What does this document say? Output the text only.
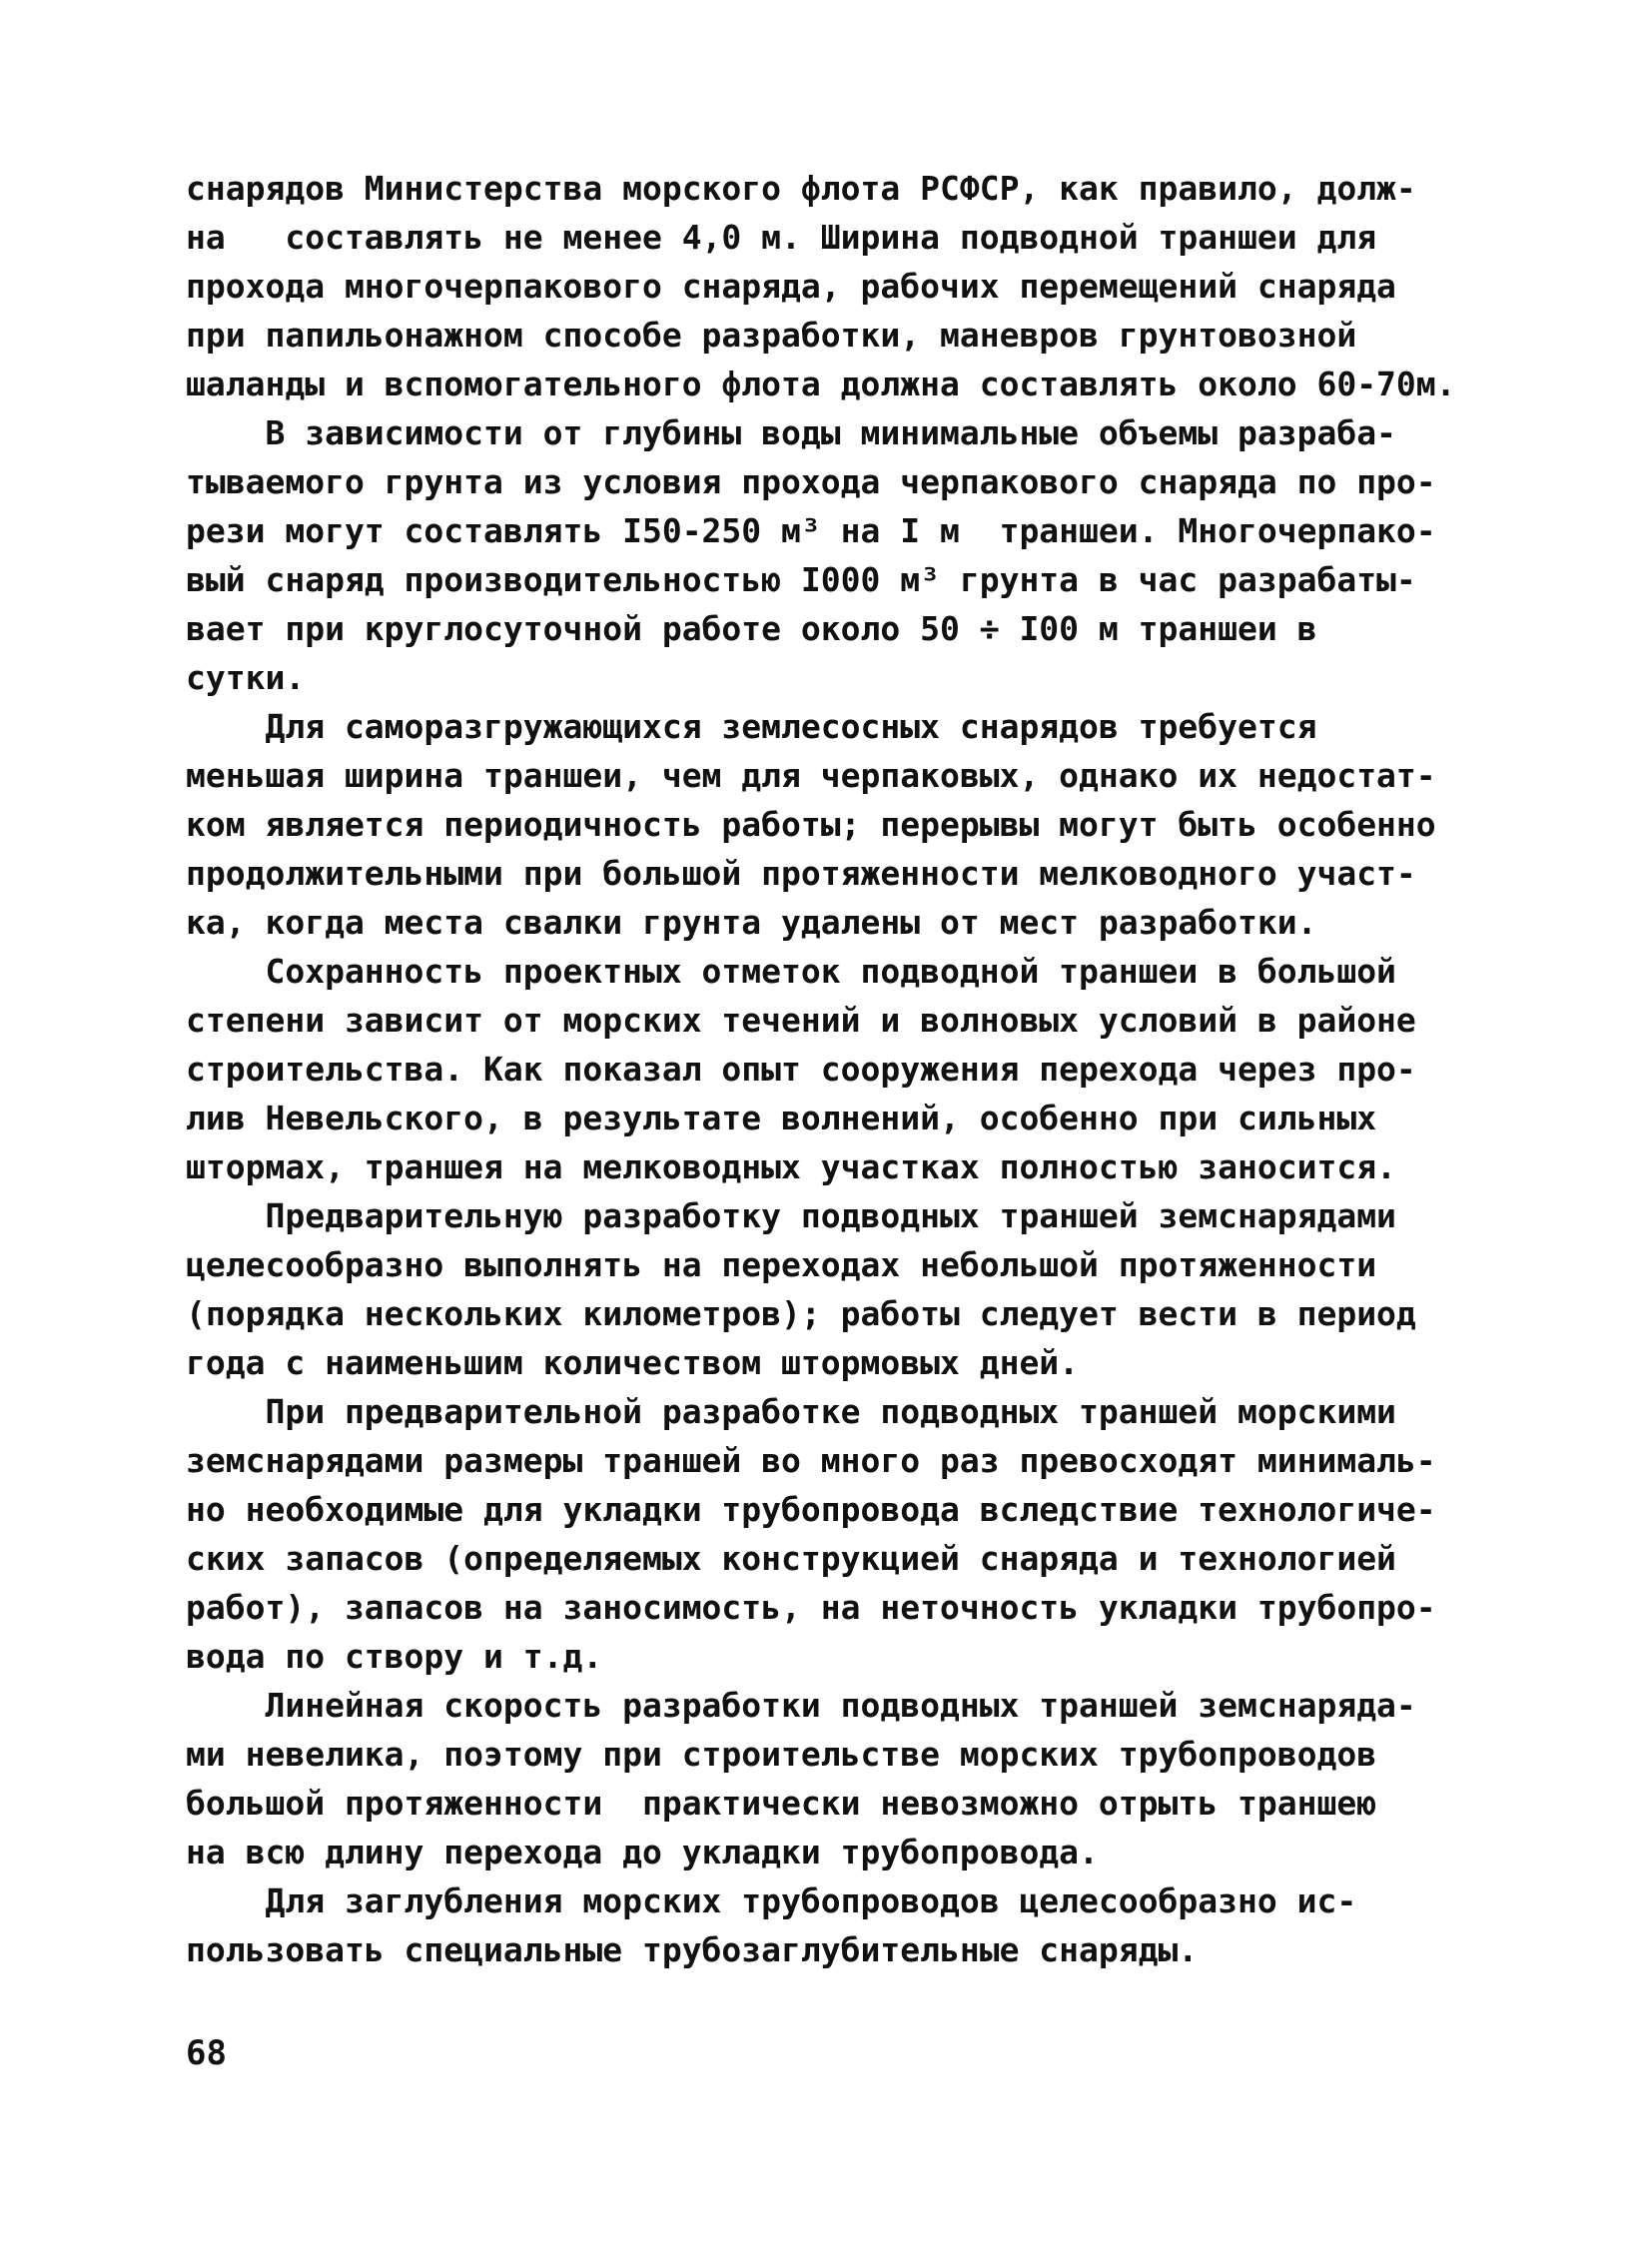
снарядов Министерства морского флота РСФСР, как правило, долж-
на   составлять не менее 4,0 м. Ширина подводной траншеи для
прохода многочерпакового снаряда, рабочих перемещений снаряда
при папильонажном способе разработки, маневров грунтовозной
шаланды и вспомогательного флота должна составлять около 60-70м.
В зависимости от глубины воды минимальные объемы разраба-
тываемого грунта из условия прохода черпакового снаряда по про-
рези могут составлять I50-250 м³ на I м  траншеи. Многочерпако-
вый снаряд производительностью I000 м³ грунта в час разрабаты-
вает при круглосуточной работе около 50 ÷ I00 м траншеи в
сутки.
Для саморазгружающихся землесосных снарядов требуется
меньшая ширина траншеи, чем для черпаковых, однако их недостат-
ком является периодичность работы; перерывы могут быть особенно
продолжительными при большой протяженности мелководного участ-
ка, когда места свалки грунта удалены от мест разработки.
Сохранность проектных отметок подводной траншеи в большой
степени зависит от морских течений и волновых условий в районе
строительства. Как показал опыт сооружения перехода через про-
лив Невельского, в результате волнений, особенно при сильных
штормах, траншея на мелководных участках полностью заносится.
Предварительную разработку подводных траншей земснарядами
целесообразно выполнять на переходах небольшой протяженности
(порядка нескольких километров); работы следует вести в период
года с наименьшим количеством штормовых дней.
При предварительной разработке подводных траншей морскими
земснарядами размеры траншей во много раз превосходят минималь-
но необходимые для укладки трубопровода вследствие технологиче-
ских запасов (определяемых конструкцией снаряда и технологией
работ), запасов на заносимость, на неточность укладки трубопро-
вода по створу и т.д.
Линейная скорость разработки подводных траншей земснаряда-
ми невелика, поэтому при строительстве морских трубопроводов
большой протяженности  практически невозможно отрыть траншею
на всю длину перехода до укладки трубопровода.
Для заглубления морских трубопроводов целесообразно ис-
пользовать специальные трубозаглубительные снаряды.
68
